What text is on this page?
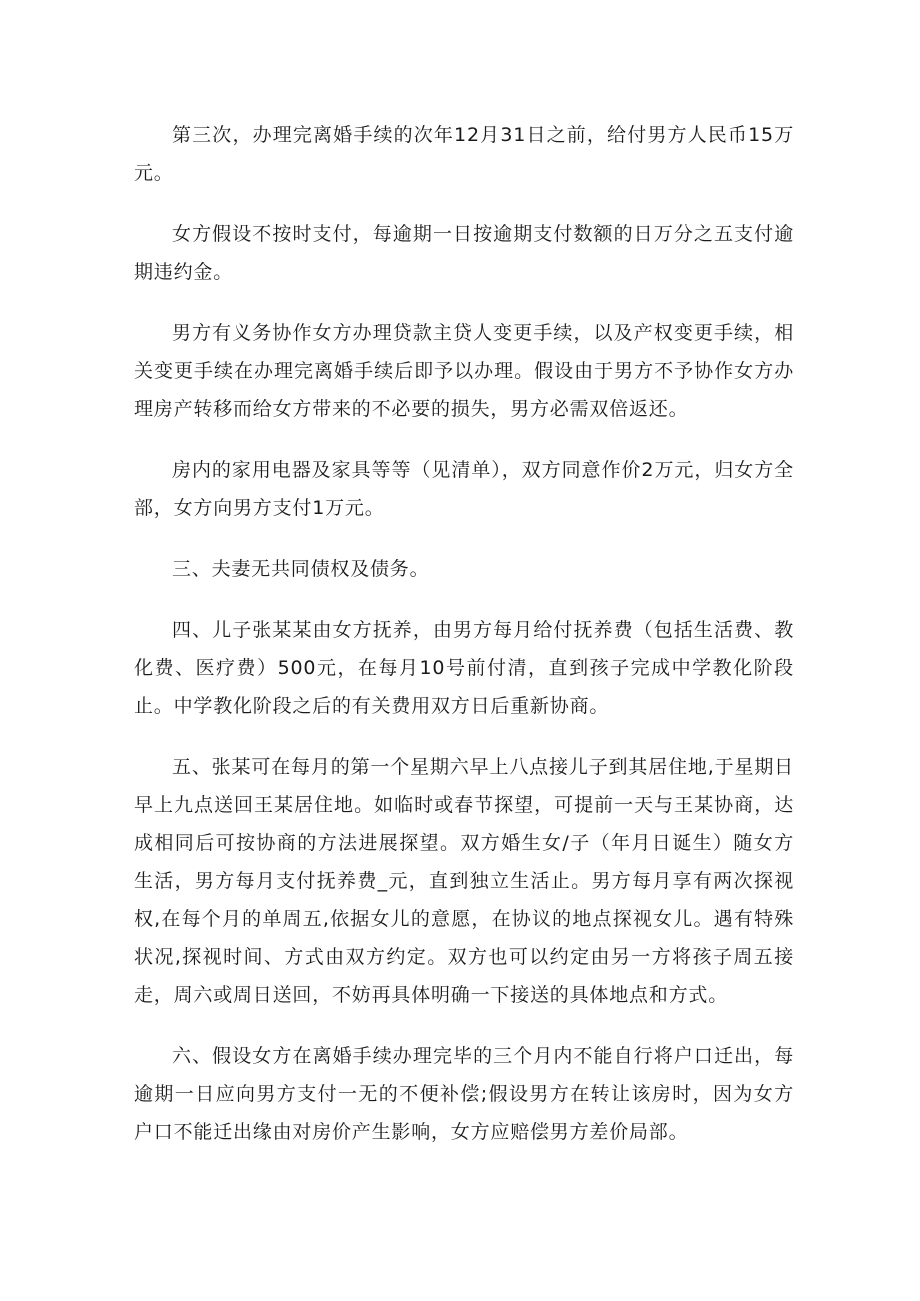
第三次，办理完离婚手续的次年12月31日之前，给付男方人民币15万元。

女方假设不按时支付，每逾期一日按逾期支付数额的日万分之五支付逾期违约金。

男方有义务协作女方办理贷款主贷人变更手续，以及产权变更手续，相关变更手续在办理完离婚手续后即予以办理。假设由于男方不予协作女方办理房产转移而给女方带来的不必要的损失，男方必需双倍返还。

房内的家用电器及家具等等（见清单），双方同意作价2万元，归女方全部，女方向男方支付1万元。

三、夫妻无共同债权及债务。

四、儿子张某某由女方抚养，由男方每月给付抚养费（包括生活费、教化费、医疗费）500元，在每月10号前付清，直到孩子完成中学教化阶段止。中学教化阶段之后的有关费用双方日后重新协商。

五、张某可在每月的第一个星期六早上八点接儿子到其居住地,于星期日早上九点送回王某居住地。如临时或春节探望，可提前一天与王某协商，达成相同后可按协商的方法进展探望。双方婚生女/子（年月日诞生）随女方生活，男方每月支付抚养费_元，直到独立生活止。男方每月享有两次探视权,在每个月的单周五,依据女儿的意愿，在协议的地点探视女儿。遇有特殊状况,探视时间、方式由双方约定。双方也可以约定由另一方将孩子周五接走，周六或周日送回，不妨再具体明确一下接送的具体地点和方式。

六、假设女方在离婚手续办理完毕的三个月内不能自行将户口迁出，每逾期一日应向男方支付一无的不便补偿;假设男方在转让该房时，因为女方户口不能迁出缘由对房价产生影响，女方应赔偿男方差价局部。
